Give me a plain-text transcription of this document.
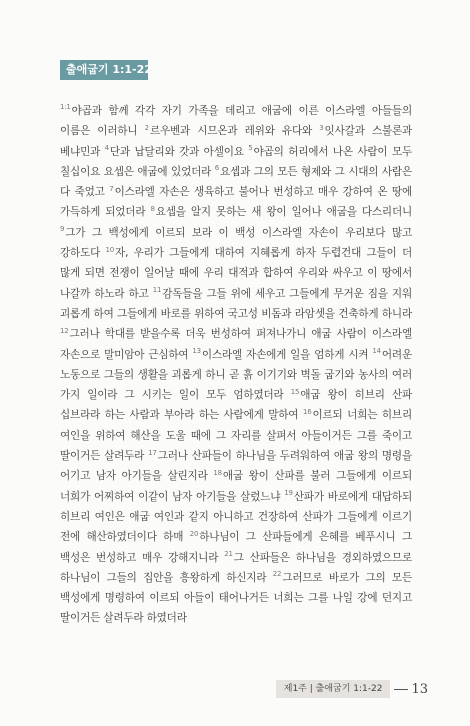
출애굽기 1:1-22
$^{1:1}$야곱과 함께 각각 자기 가족을 데리고 애굽에 이른 이스라엘 아들들의 이름은 이러하니 $^2$르우벤과 시므온과 레위와 유다와 $^3$잇사갈과 스불론과 베냐민과 $^4$단과 납달리와 갓과 아셀이요 $^5$야곱의 허리에서 나온 사람이 모두 칠십이요 요셉은 애굽에 있었더라 $^6$요셉과 그의 모든 형제와 그 시대의 사람은 다 죽었고 $^7$이스라엘 자손은 생육하고 불어나 번성하고 매우 강하여 온 땅에 가득하게 되었더라 $^8$요셉을 알지 못하는 새 왕이 일어나 애굽을 다스리더니 $^9$그가 그 백성에게 이르되 보라 이 백성 이스라엘 자손이 우리보다 많고 강하도다 $^{10}$자, 우리가 그들에게 대하여 지혜롭게 하자 두렵건대 그들이 더 많게 되면 전쟁이 일어날 때에 우리 대적과 합하여 우리와 싸우고 이 땅에서 나갈까 하노라 하고 $^{11}$감독들을 그들 위에 세우고 그들에게 무거운 짐을 지워 괴롭게 하여 그들에게 바로를 위하여 국고성 비돔과 라암셋을 건축하게 하니라 $^{12}$그러나 학대를 받을수록 더욱 번성하여 퍼져나가니 애굽 사람이 이스라엘 자손으로 말미암아 근심하여 $^{13}$이스라엘 자손에게 일을 엄하게 시켜 $^{14}$어려운 노동으로 그들의 생활을 괴롭게 하니 곧 흙 이기기와 벽돌 굽기와 농사의 여러 가지 일이라 그 시키는 일이 모두 엄하였더라 $^{15}$애굽 왕이 히브리 산파 십브라라 하는 사람과 부아라 하는 사람에게 말하여 $^{16}$이르되 너희는 히브리 여인을 위하여 해산을 도울 때에 그 자리를 살펴서 아들이거든 그를 죽이고 딸이거든 살려두라 $^{17}$그러나 산파들이 하나님을 두려워하여 애굽 왕의 명령을 어기고 남자 아기들을 살린지라 $^{18}$애굽 왕이 산파를 불러 그들에게 이르되 너희가 어찌하여 이같이 남자 아기들을 살렸느냐 $^{19}$산파가 바로에게 대답하되 히브리 여인은 애굽 여인과 같지 아니하고 건장하여 산파가 그들에게 이르기 전에 해산하였더이다 하매 $^{20}$하나님이 그 산파들에게 은혜를 베푸시니 그 백성은 번성하고 매우 강해지니라 $^{21}$그 산파들은 하나님을 경외하였으므로 하나님이 그들의 집안을 흥왕하게 하신지라 $^{22}$그러므로 바로가 그의 모든 백성에게 명령하여 이르되 아들이 태어나거든 너희는 그를 나일 강에 던지고 딸이거든 살려두라 하였더라
제1주 | 출애굽기 1:1-22	13
